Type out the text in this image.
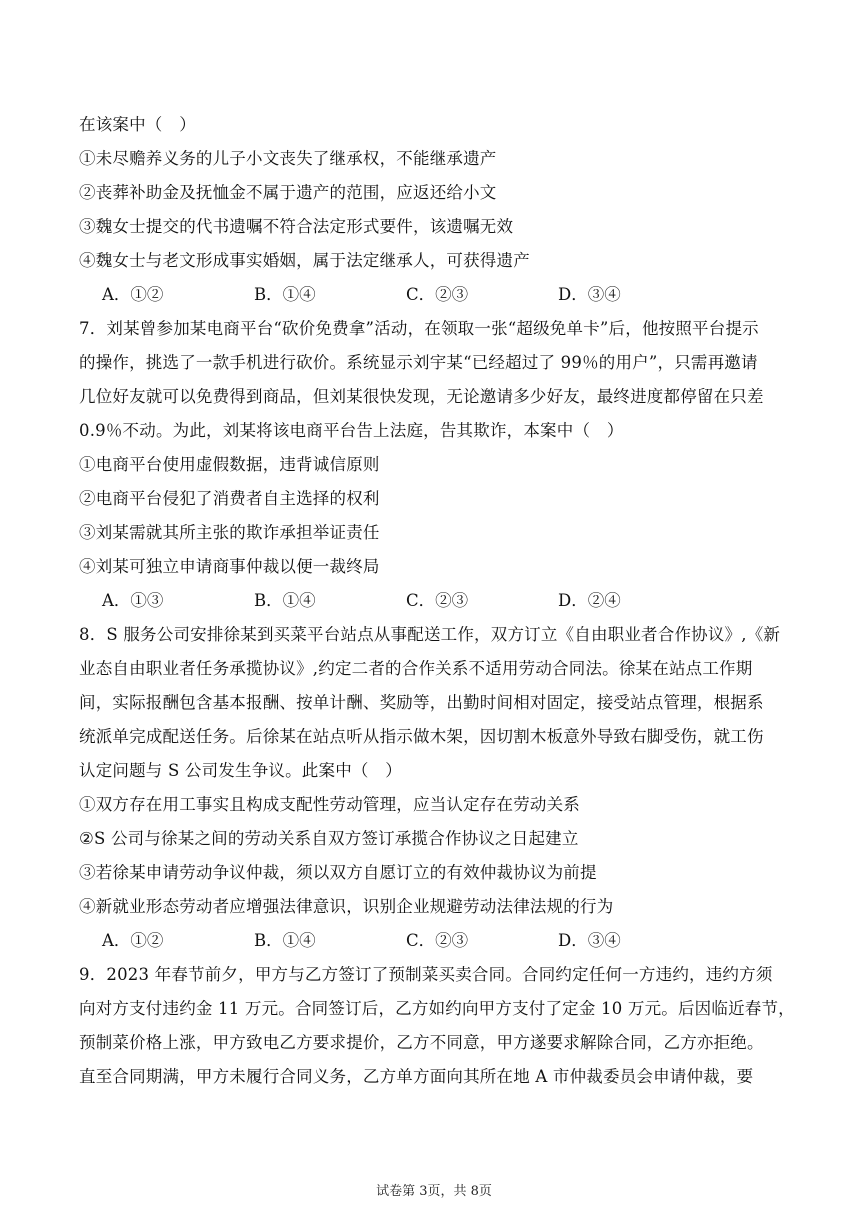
在该案中（　）
①未尽赡养义务的儿子小文丧失了继承权，不能继承遗产
②丧葬补助金及抚恤金不属于遗产的范围，应返还给小文
③魏女士提交的代书遗嘱不符合法定形式要件，该遗嘱无效
④魏女士与老文形成事实婚姻，属于法定继承人，可获得遗产
A．①②	B．①④	C．②③	D．③④
7．刘某曾参加某电商平台“砍价免费拿”活动，在领取一张“超级免单卡”后，他按照平台提示
的操作，挑选了一款手机进行砍价。系统显示刘宇某“已经超过了 99％的用户”，只需再邀请
几位好友就可以免费得到商品，但刘某很快发现，无论邀请多少好友，最终进度都停留在只差
0.9％不动。为此，刘某将该电商平台告上法庭，告其欺诈，本案中（　）
①电商平台使用虚假数据，违背诚信原则
②电商平台侵犯了消费者自主选择的权利
③刘某需就其所主张的欺诈承担举证责任
④刘某可独立申请商事仲裁以便一裁终局
A．①③	B．①④	C．②③	D．②④
8．S 服务公司安排徐某到买菜平台站点从事配送工作，双方订立《自由职业者合作协议》,《新
业态自由职业者任务承揽协议》,约定二者的合作关系不适用劳动合同法。徐某在站点工作期
间，实际报酬包含基本报酬、按单计酬、奖励等，出勤时间相对固定，接受站点管理，根据系
统派单完成配送任务。后徐某在站点听从指示做木架，因切割木板意外导致右脚受伤，就工伤
认定问题与 S 公司发生争议。此案中（　）
①双方存在用工事实且构成支配性劳动管理，应当认定存在劳动关系
②S 公司与徐某之间的劳动关系自双方签订承揽合作协议之日起建立
③若徐某申请劳动争议仲裁，须以双方自愿订立的有效仲裁协议为前提
④新就业形态劳动者应增强法律意识，识别企业规避劳动法律法规的行为
A．①②	B．①④	C．②③	D．③④
9．2023 年春节前夕，甲方与乙方签订了预制菜买卖合同。合同约定任何一方违约，违约方须
向对方支付违约金 11 万元。合同签订后，乙方如约向甲方支付了定金 10 万元。后因临近春节，
预制菜价格上涨，甲方致电乙方要求提价，乙方不同意，甲方遂要求解除合同，乙方亦拒绝。
直至合同期满，甲方未履行合同义务，乙方单方面向其所在地 A 市仲裁委员会申请仲裁，要
试卷第 3页，共 8页
